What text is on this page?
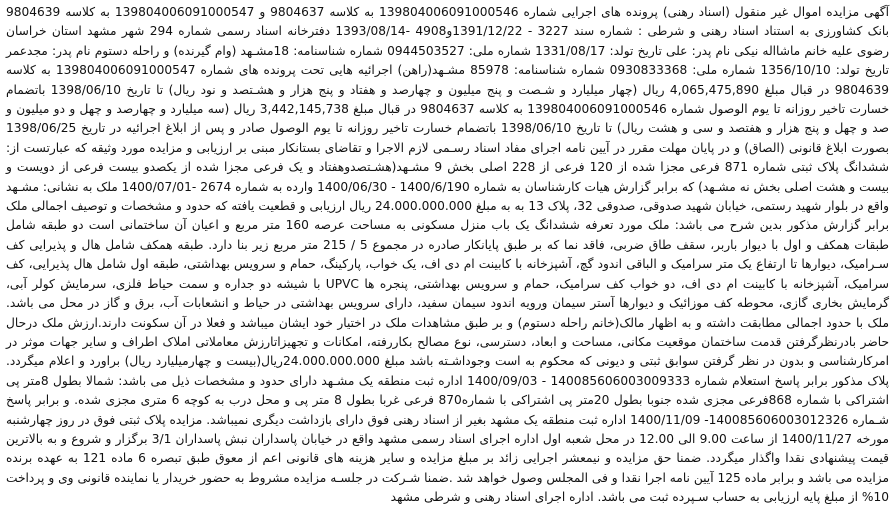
آگهی مزایده اموال غیر منقول (اسناد رهنی) پرونده های اجرایی شماره 139804006091000546 به کلاسه 9804637 و 139804006091000547 به کلاسه 9804639 بانک کشاورزی به استناد اسناد رهنی و شرطی : شماره سند 3227 - 1391/12/22و4908 -1393/08/14 دفترخانه اسناد رسمی شماره 294 شهر مشهد استان خراسان رضوی علیه خانم ماشااله نیکی نام پدر: علی تاریخ تولد: 1331/08/17 شماره ملی: 0944503527 شماره شناسنامه: 18مشـهد (وام گیرنده) و راحله دستوم نام پدر: مجدعمر تاریخ تولد: 1356/10/10 شماره ملی: 0930833368 شماره شناسنامه: 85978 مشـهد(راهن) اجرائیه هایی تحت پرونده های شماره 139804006091000547 به کلاسه 9804639 در قبال مبلغ 4,065,475,890 ریال (چهار میلیارد و شـصت و پنج میلیون و چهارصد و هفتاد و پنج هزار و هشـتصد و نود ریال) تا تاریخ 1398/06/10 باتضمام خسارت تاخیر روزانه تا یوم الوصول شماره 139804006091000546 به کلاسه 9804637 در قبال مبلغ 3,442,145,738 ریال (سه میلیارد و چهارصد و چهل و دو میلیون و صد و چهل و پنج هزار و هفتصد و سی و هشت ریال) تا تاریخ 1398/06/10 باتضمام خسارت تاخیر روزانه تا یوم الوصول صادر و پس از ابلاغ اجرائیه در تاریخ 1398/06/25 بصورت ابلاغ قانونی (الصاق) و در پایان مهلت مقرر در آیین نامه اجرای مفاد اسناد رسـمی لازم الاجرا و تقاضای بستانکار مبنی بر ارزیابی و مزایده مورد وثیقه که عبارتست از: ششدانگ پلاک ثبتی شماره 871 فرعی مجزا شده از 120 فرعی از 228 اصلی بخش 9 مشـهد(هشـتصدوهفتاد و یک فرعی مجزا شده از یکصدو بیست فرعی از دویست و بیست و هشت اصلی بخش نه مشـهد) که برابر گزارش هیات کارشناسان به شماره 1400/6/190 - 1400/06/30 وارده به شماره 2674 -1400/07/01 ملک به نشانی: مشـهد واقع در بلوار شهید رستمی، خیابان شهید صدوقی، صدوقی 32، پلاک 13 به به مبلغ 24.000.000.000 ریال ارزیابی و قطعیت یافته که حدود و مشخصات و توصیف اجمالی ملک برابر گزارش مذکور بدین شرح می باشد: ملک مورد تعرفه ششدانگ یک باب منزل مسکونی به مساحت عرصه 160 متر مربع و اعیان آن ساختمانی است دو طبقه شامل طبقات همکف و اول با دیوار باربر، سقف طاق ضربی، فاقد نما که بر طبق پایانکار صادره در مجموع 5 / 215 متر مربع زیر بنا دارد. طبقه همکف شامل هال و پذیرایی کف سـرامیک، دیوارها تا ارتفاع یک متر سرامیک و الباقی اندود گچ، آشپزخانه با کابینت ام دی اف، یک خواب، پارکینگ، حمام و سرویس بهداشتی، طبقه اول شامل هال پذیرایی، کف سرامیک، آشپزخانه با کابینت ام دی اف، دو خواب کف سرامیک، حمام و سرویس بهداشتی، پنجره ها UPVC با شیشه دو جداره و سمت حیاط فلزی، سرمایش کولر آبی، گرمایش بخاری گازی، محوطه کف موزائیک و دیوارها آستر سیمان ورویه اندود سیمان سفید، دارای سرویس بهداشتی در حیاط و انشعابات آب، برق و گاز در محل می باشد. ملک با حدود اجمالی مطابقت داشته و به اظهار مالک(خانم راحله دستوم) و بر طبق مشاهدات ملک در اختیار خود ایشان میباشد و فعلا در آن سکونت دارند.ارزش ملک درحال حاضر بادرنظرگرفتن قدمت ساختمان موقعیت مکانی، مساحت و ابعاد، دسترسی، نوع مصالح بکاررفته، امکانات و تجهیزاتارزش معاملاتی املاک اطراف و سایر جهات موثر در امرکارشناسی و بدون در نظر گرفتن سوابق ثبتی و دیونی که محکوم به است وجوداشـته باشد مبلغ 24.000.000.000ریال(بیست و چهارمیلیارد ریال) براورد و اعلام میگردد. پلاک مذکور برابر پاسخ استعلام شماره 140085606003009333 - 1400/09/03 اداره ثبت منطقه یک مشـهد دارای حدود و مشخصات ذیل می باشد: شمالا بطول 8متر پی اشتراکی با شماره 868فرعی مجزی شده جنوبا بطول 20متر پی اشتراکی با شماره870 فرعی غربا بطول 8 متر پی و محل درب به کوچه 6 متری مجزی شده. و برابر پاسخ شـماره 140085606003012326- 1400/11/09 اداره ثبت منطقه یک مشهد بغیر از اسناد رهنی فوق دارای بازداشت دیگری نمیباشد. مزایده پلاک ثبتی فوق در روز چهارشنبه مورخه 1400/11/27 از ساعت 9.00 الی 12.00 در محل شعبه اول اداره اجرای اسناد رسمی مشهد واقع در خیابان پاسداران نبش پاسداران 3/1 برگزار و شروع و به بالاترین قیمت پیشنهادی نقدا واگذار میگردد. ضمنا حق مزایده و نیمعشر اجرایی زائد بر مبلغ مزایده و سایر هزینه های قانونی اعم از معوق طبق تبصره 6 ماده 121 به عهده برنده مزایده می باشد و برابر ماده 125 آیین نامه اجرا نقدا و فی المجلس وصول خواهد شد .ضمنا شـرکت در جلسـه مزایده مشروط به حضور خریدار یا نماینده قانونی وی و پرداخت 10% از مبلغ پایه ارزیابی به حساب سـپرده ثبت می باشد. اداره اجرای اسناد رهنی و شرطی مشهد
